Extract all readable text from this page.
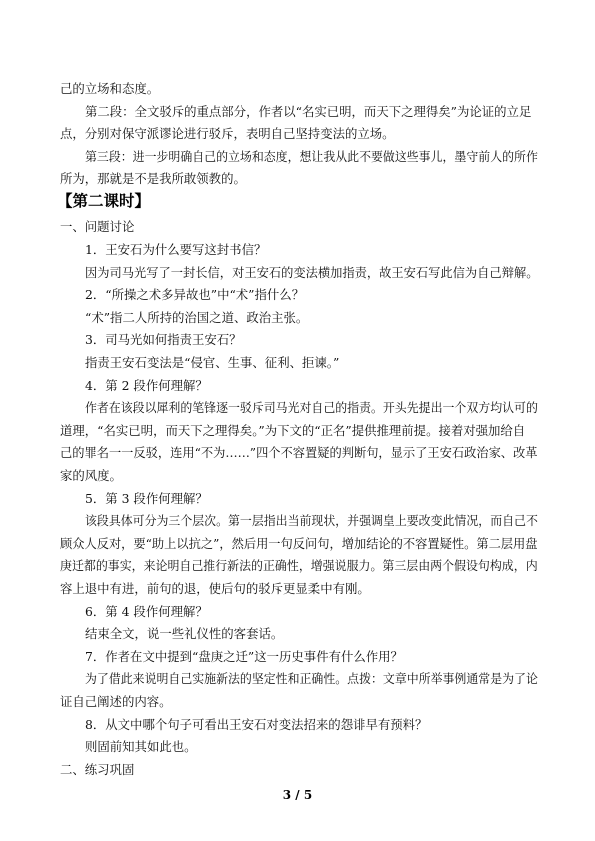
己的立场和态度。

第二段：全文驳斥的重点部分，作者以“名实已明，而天下之理得矣”为论证的立足

点，分别对保守派谬论进行驳斥，表明自己坚持变法的立场。

第三段：进一步明确自己的立场和态度，想让我从此不要做这些事儿，墨守前人的所作

所为，那就是不是我所敢领教的。

【第二课时】

一、问题讨论

1．王安石为什么要写这封书信？

因为司马光写了一封长信，对王安石的变法横加指责，故王安石写此信为自己辩解。

2．“所操之术多异故也”中“术”指什么？

“术”指二人所持的治国之道、政治主张。

3．司马光如何指责王安石？

指责王安石变法是“侵官、生事、征利、拒谏。”

4．第 2 段作何理解？

作者在该段以犀利的笔锋逐一驳斥司马光对自己的指责。开头先提出一个双方均认可的

道理，“名实已明，而天下之理得矣。”为下文的“正名”提供推理前提。接着对强加给自

己的罪名一一反驳，连用“不为……”四个不容置疑的判断句，显示了王安石政治家、改革

家的风度。

5．第 3 段作何理解？

该段具体可分为三个层次。第一层指出当前现状，并强调皇上要改变此情况，而自己不

顾众人反对，要“助上以抗之”，然后用一句反问句，增加结论的不容置疑性。第二层用盘

庚迁都的事实，来论明自己推行新法的正确性，增强说服力。第三层由两个假设句构成，内

容上退中有进，前句的退，使后句的驳斥更显柔中有刚。

6．第 4 段作何理解？

结束全文，说一些礼仪性的客套话。

7．作者在文中提到“盘庚之迁”这一历史事件有什么作用？

为了借此来说明自己实施新法的坚定性和正确性。点拨：文章中所举事例通常是为了论

证自己阐述的内容。

8．从文中哪个句子可看出王安石对变法招来的怨诽早有预料？

则固前知其如此也。

二、练习巩固

3 / 5
